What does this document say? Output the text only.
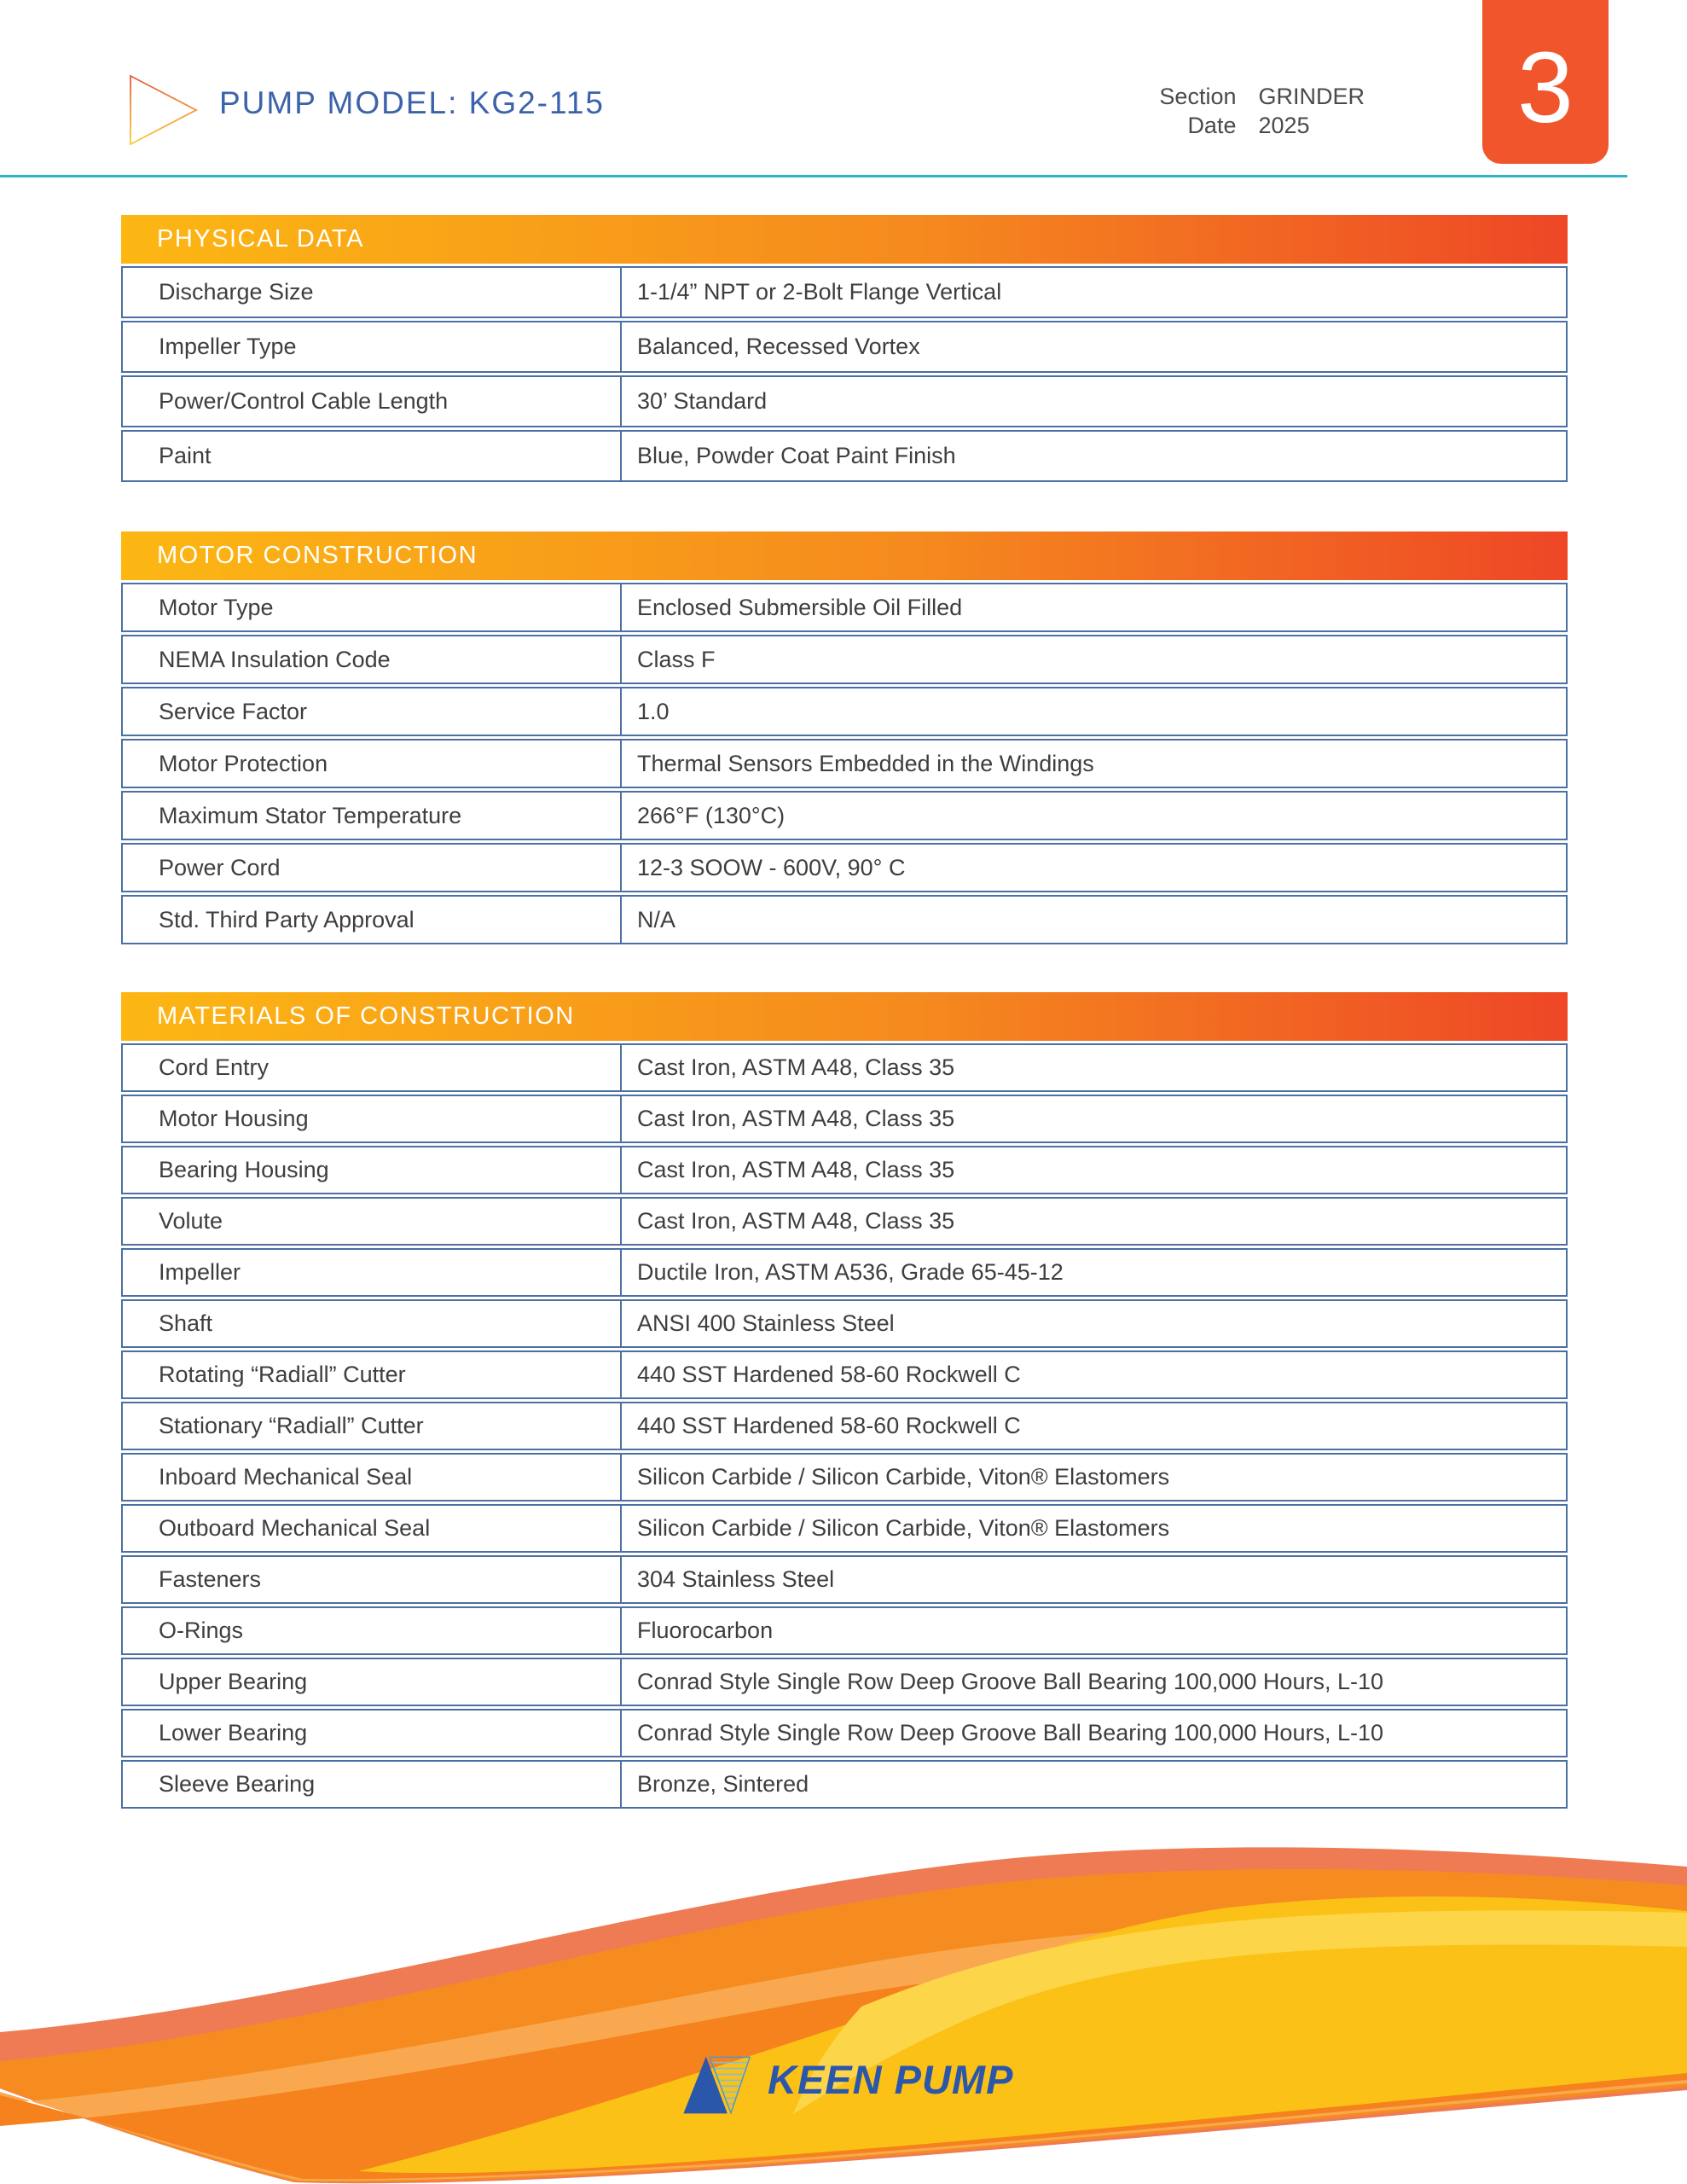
PUMP MODEL: KG2-115	Section GRINDER
Date 2025	3
PHYSICAL DATA
Discharge Size	1-1/4” NPT or 2-Bolt Flange Vertical
Impeller Type	Balanced, Recessed Vortex
Power/Control Cable Length	30’ Standard
Paint	Blue, Powder Coat Paint Finish
MOTOR CONSTRUCTION
Motor Type	Enclosed Submersible Oil Filled
NEMA Insulation Code	Class F
Service Factor	1.0
Motor Protection	Thermal Sensors Embedded in the Windings
Maximum Stator Temperature	266°F (130°C)
Power Cord	12-3 SOOW - 600V, 90° C
Std. Third Party Approval	N/A
MATERIALS OF CONSTRUCTION
Cord Entry	Cast Iron, ASTM A48, Class 35
Motor Housing	Cast Iron, ASTM A48, Class 35
Bearing Housing	Cast Iron, ASTM A48, Class 35
Volute	Cast Iron, ASTM A48, Class 35
Impeller	Ductile Iron, ASTM A536, Grade 65-45-12
Shaft	ANSI 400 Stainless Steel
Rotating “Radiall” Cutter	440 SST Hardened 58-60 Rockwell C
Stationary “Radiall” Cutter	440 SST Hardened 58-60 Rockwell C
Inboard Mechanical Seal	Silicon Carbide / Silicon Carbide, Viton® Elastomers
Outboard Mechanical Seal	Silicon Carbide / Silicon Carbide, Viton® Elastomers
Fasteners	304 Stainless Steel
O-Rings	Fluorocarbon
Upper Bearing	Conrad Style Single Row Deep Groove Ball Bearing 100,000 Hours, L-10
Lower Bearing	Conrad Style Single Row Deep Groove Ball Bearing 100,000 Hours, L-10
Sleeve Bearing	Bronze, Sintered
KEEN PUMP
